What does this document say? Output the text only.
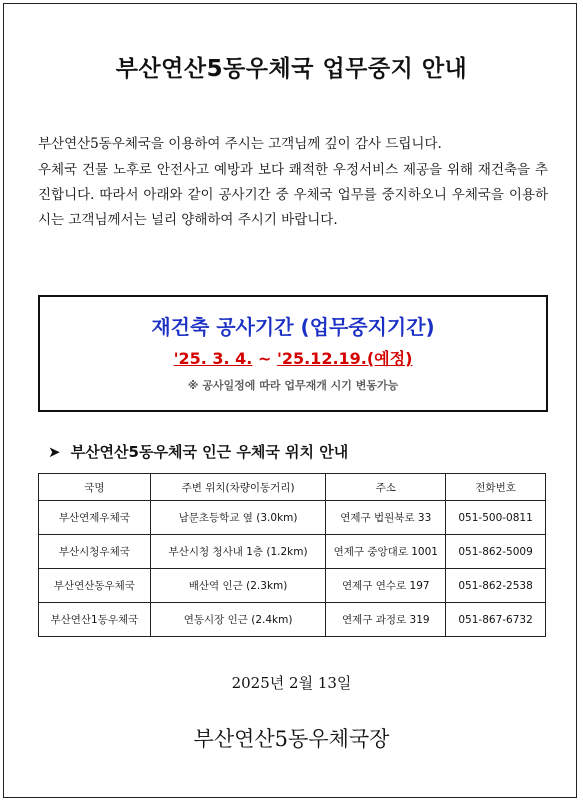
부산연산5동우체국 업무중지 안내

부산연산5동우체국을 이용하여 주시는 고객님께 깊이 감사 드립니다.

우체국 건물 노후로 안전사고 예방과 보다 쾌적한 우정서비스 제공을 위해 재건축을 추진합니다. 따라서 아래와 같이 공사기간 중 우체국 업무를 중지하오니 우체국을 이용하시는 고객님께서는 널리 양해하여 주시기 바랍니다.

재건축 공사기간 (업무중지기간)
'25. 3. 4. ~ '25.12.19.(예정)
※ 공사일정에 따라 업무재개 시기 변동가능
➤ 부산연산5동우체국 인근 우체국 위치 안내
국명	주변 위치(차량이동거리)	주소	전화번호
부산연제우체국	남문초등학교 옆 (3.0km)	연제구 법원북로 33	051-500-0811
부산시청우체국	부산시청 청사내 1층 (1.2km)	연제구 중앙대로 1001	051-862-5009
부산연산동우체국	배산역 인근 (2.3km)	연제구 연수로 197	051-862-2538
부산연산1동우체국	연동시장 인근 (2.4km)	연제구 과정로 319	051-867-6732
2025년 2월 13일
부산연산5동우체국장
